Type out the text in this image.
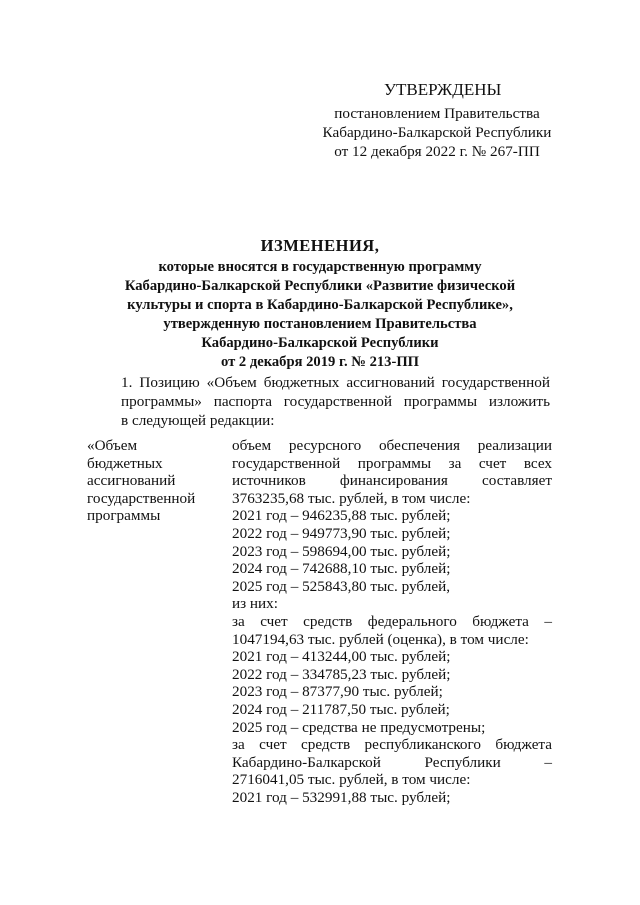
УТВЕРЖДЕНЫ

постановлением Правительства

Кабардино-Балкарской Республики

от 12 декабря 2022 г. № 267-ПП

ИЗМЕНЕНИЯ,

которые вносятся в государственную программу

Кабардино-Балкарской Республики «Развитие физической

культуры и спорта в Кабардино-Балкарской Республике»,

утвержденную постановлением Правительства

Кабардино-Балкарской Республики

от 2 декабря 2019 г. № 213-ПП

1. Позицию «Объем бюджетных ассигнований государственной
программы» паспорта государственной программы изложить
в следующей редакции:
«Объем
бюджетных
ассигнований
государственной
программы
объем ресурсного обеспечения реализации
государственной программы за счет всех
источников финансирования составляет
3763235,68 тыс. рублей, в том числе:
2021 год – 946235,88 тыс. рублей;
2022 год – 949773,90 тыс. рублей;
2023 год – 598694,00 тыс. рублей;
2024 год – 742688,10 тыс. рублей;
2025 год – 525843,80 тыс. рублей,
из них:
за счет средств федерального бюджета –
1047194,63 тыс. рублей (оценка), в том числе:
2021 год – 413244,00 тыс. рублей;
2022 год – 334785,23 тыс. рублей;
2023 год – 87377,90 тыс. рублей;
2024 год – 211787,50 тыс. рублей;
2025 год – средства не предусмотрены;
за счет средств республиканского бюджета
Кабардино-Балкарской Республики –
2716041,05 тыс. рублей, в том числе:
2021 год – 532991,88 тыс. рублей;
